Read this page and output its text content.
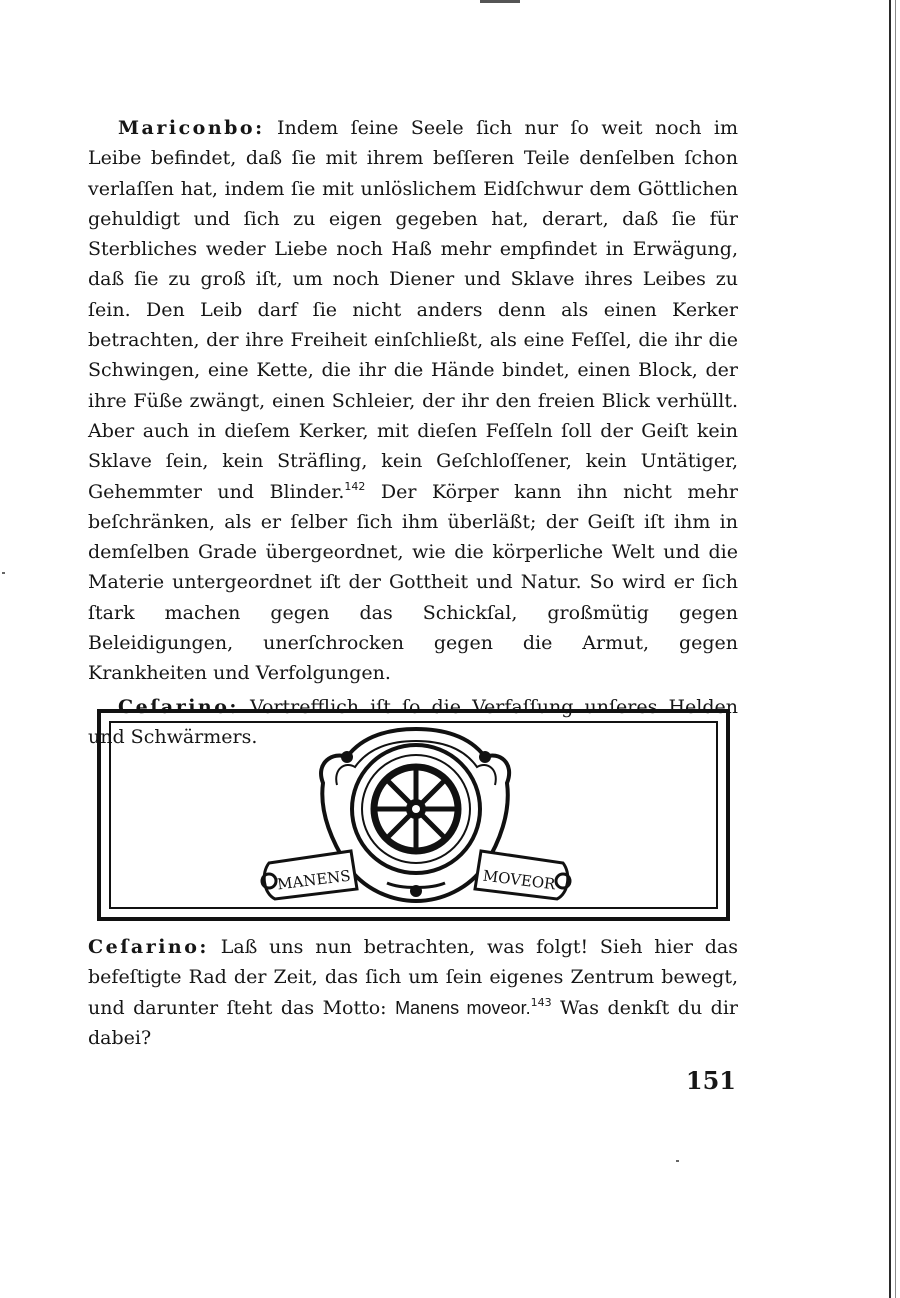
Mariconbo: Indem ſeine Seele ſich nur ſo weit noch im Leibe befindet, daß ſie mit ihrem beſſeren Teile denſelben ſchon verlaſſen hat, indem ſie mit unlöslichem Eidſchwur dem Göttlichen gehuldigt und ſich zu eigen gegeben hat, derart, daß ſie für Sterbliches weder Liebe noch Haß mehr empfindet in Erwägung, daß ſie zu groß iſt, um noch Diener und Sklave ihres Leibes zu ſein. Den Leib darf ſie nicht anders denn als einen Kerker betrachten, der ihre Freiheit einſchließt, als eine Feſſel, die ihr die Schwingen, eine Kette, die ihr die Hände bindet, einen Block, der ihre Füße zwängt, einen Schleier, der ihr den freien Blick verhüllt. Aber auch in dieſem Kerker, mit dieſen Feſſeln ſoll der Geiſt kein Sklave ſein, kein Sträfling, kein Geſchloſſener, kein Untätiger, Gehemmter und Blinder.$^{142}$ Der Körper kann ihn nicht mehr beſchränken, als er ſelber ſich ihm überläßt; der Geiſt iſt ihm in demſelben Grade übergeordnet, wie die körperliche Welt und die Materie untergeordnet iſt der Gottheit und Natur. So wird er ſich ſtark machen gegen das Schickſal, großmütig gegen Beleidigungen, unerſchrocken gegen die Armut, gegen Krankheiten und Verfolgungen.

Ceſarino: Vortrefflich iſt ſo die Verfaſſung unſeres Helden und Schwärmers.

MANENS	MOVEOR

Ceſarino: Laß uns nun betrachten, was folgt! Sieh hier das befeſtigte Rad der Zeit, das ſich um ſein eigenes Zentrum bewegt, und darunter ſteht das Motto: Manens moveor.$^{143}$ Was denkſt du dir dabei?

151
